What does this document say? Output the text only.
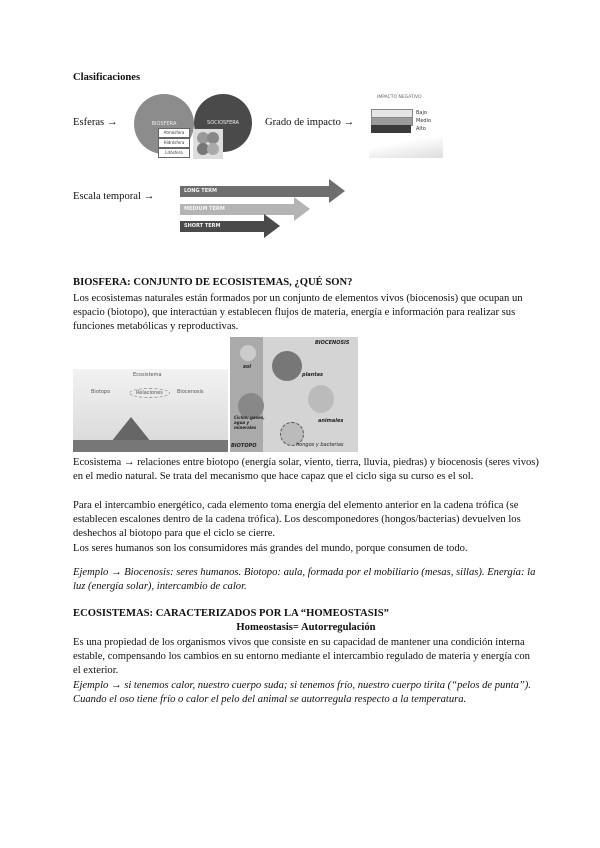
Clasificaciones
Esferas →	BIOSFERA	SOCIOSFERA
Atmósfera
Hidrósfera
Litósfera
Grado de impacto →
IMPACTO NEGATIVO
Bajo
Medio
Alto
Escala temporal →	LONG TERM
MEDIUM TERM
SHORT TERM
BIOSFERA: CONJUNTO DE ECOSISTEMAS, ¿QUÉ SON?
Los ecosistemas naturales están formados por un conjunto de elementos vivos (biocenosis) que ocupan un espacio (biotopo), que interactúan y establecen flujos de materia, energía e información para realizar sus funciones metabólicas y reproductivas.
Ecosistema
Biotopo	Relaciones	Biocenosis
BIOCENOSIS
sol
plantas
animales
Ciclos: gases, agua y minerales
hongos y bacterias
BIOTOPO
Ecosistema → relaciones entre biotopo (energía solar, viento, tierra, lluvia, piedras) y biocenosis (seres vivos) en el medio natural. Se trata del mecanismo que hace capaz que el ciclo siga su curso es el sol.
Para el intercambio energético, cada elemento toma energía del elemento anterior en la cadena trófica (se establecen escalones dentro de la cadena trófica). Los descomponedores (hongos/bacterias) devuelven los deshechos al biotopo para que el ciclo se cierre.
Los seres humanos son los consumidores más grandes del mundo, porque consumen de todo.
Ejemplo → Biocenosis: seres humanos. Biotopo: aula, formada por el mobiliario (mesas, sillas). Energía: la luz (energía solar), intercambio de calor.
ECOSISTEMAS: CARACTERIZADOS POR LA “HOMEOSTASIS”
Homeostasis= Autorregulación
Es una propiedad de los organismos vivos que consiste en su capacidad de mantener una condición interna estable, compensando los cambios en su entorno mediante el intercambio regulado de materia y energía con el exterior.
Ejemplo → si tenemos calor, nuestro cuerpo suda; si tenemos frío, nuestro cuerpo tirita (“pelos de punta”). Cuando el oso tiene frío o calor el pelo del animal se autorregula respecto a la temperatura.
